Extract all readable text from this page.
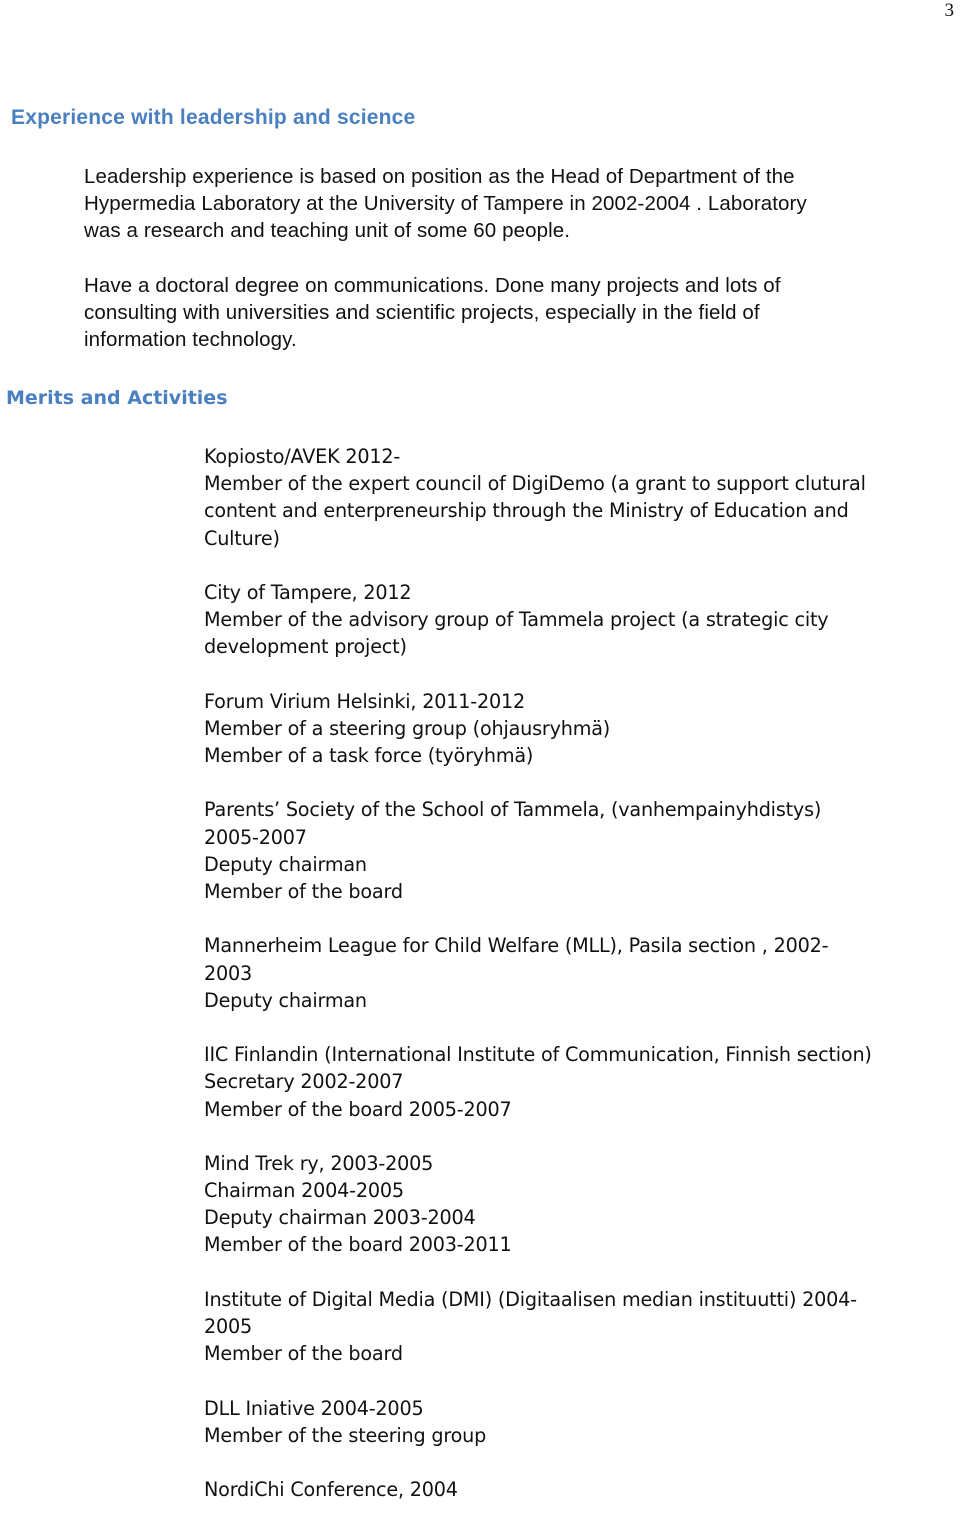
3
Experience with leadership and science

Leadership experience is based on position as the Head of Department of the
Hypermedia Laboratory at the University of Tampere in 2002-2004 . Laboratory
was a research and teaching unit of some 60 people.

Have a doctoral degree on communications. Done many projects and lots of
consulting with universities and scientific projects, especially in the field of
information technology.

Merits and Activities

Kopiosto/AVEK 2012-
Member of the expert council of DigiDemo (a grant to support clutural
content and enterpreneurship through the Ministry of Education and
Culture)

City of Tampere, 2012
Member of the advisory group of Tammela project (a strategic city
development project)

Forum Virium Helsinki, 2011-2012
Member of a steering group (ohjausryhmä)
Member of a task force (työryhmä)

Parents’ Society of the School of Tammela, (vanhempainyhdistys)
2005-2007
Deputy chairman
Member of the board

Mannerheim League for Child Welfare (MLL), Pasila section , 2002-
2003
Deputy chairman

IIC Finlandin (International Institute of Communication, Finnish section)
Secretary 2002-2007
Member of the board 2005-2007

Mind Trek ry, 2003-2005
Chairman 2004-2005
Deputy chairman 2003-2004
Member of the board 2003-2011

Institute of Digital Media (DMI) (Digitaalisen median instituutti) 2004-
2005
Member of the board

DLL Iniative 2004-2005
Member of the steering group

NordiChi Conference, 2004
